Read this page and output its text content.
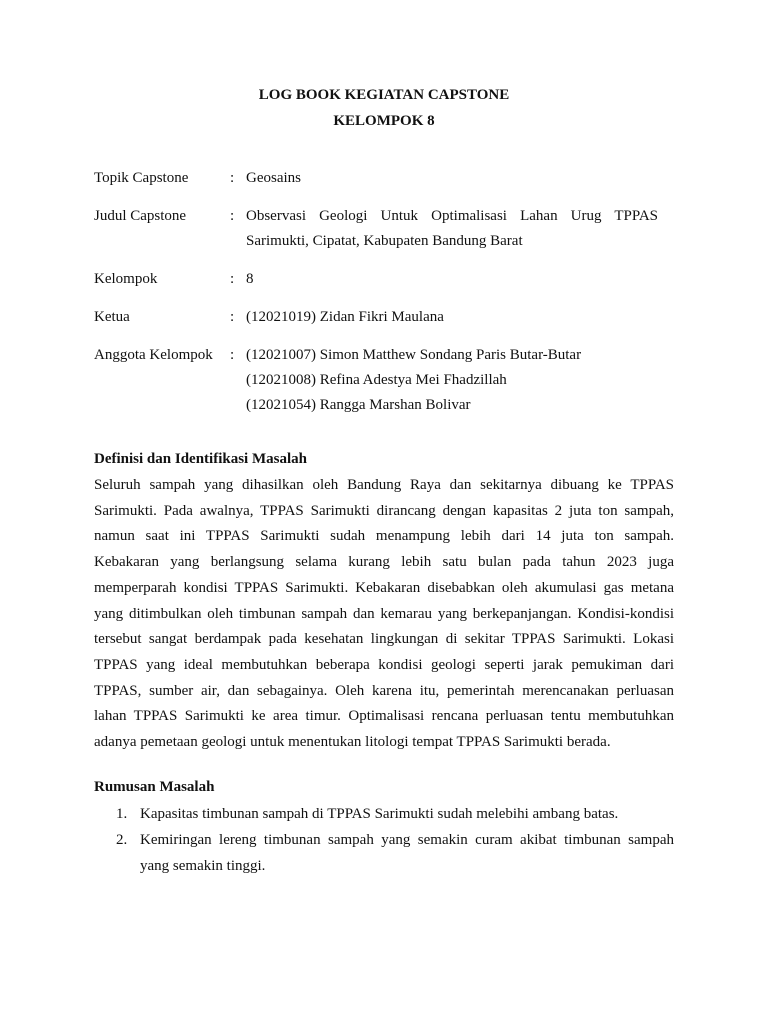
LOG BOOK KEGIATAN CAPSTONE
KELOMPOK 8
Topik Capstone	: Geosains
Judul Capstone	: Observasi Geologi Untuk Optimalisasi Lahan Urug TPPAS
Sarimukti, Cipatat, Kabupaten Bandung Barat
Kelompok	: 8
Ketua	: (12021019) Zidan Fikri Maulana
Anggota Kelompok : (12021007) Simon Matthew Sondang Paris Butar-Butar
(12021008) Refina Adestya Mei Fhadzillah
(12021054) Rangga Marshan Bolivar
Definisi dan Identifikasi Masalah
Seluruh sampah yang dihasilkan oleh Bandung Raya dan sekitarnya dibuang ke TPPAS
Sarimukti. Pada awalnya, TPPAS Sarimukti dirancang dengan kapasitas 2 juta ton sampah,
namun saat ini TPPAS Sarimukti sudah menampung lebih dari 14 juta ton sampah.
Kebakaran yang berlangsung selama kurang lebih satu bulan pada tahun 2023 juga
memperparah kondisi TPPAS Sarimukti. Kebakaran disebabkan oleh akumulasi gas metana
yang ditimbulkan oleh timbunan sampah dan kemarau yang berkepanjangan. Kondisi-kondisi
tersebut sangat berdampak pada kesehatan lingkungan di sekitar TPPAS Sarimukti. Lokasi
TPPAS yang ideal membutuhkan beberapa kondisi geologi seperti jarak pemukiman dari
TPPAS, sumber air, dan sebagainya. Oleh karena itu, pemerintah merencanakan perluasan
lahan TPPAS Sarimukti ke area timur. Optimalisasi rencana perluasan tentu membutuhkan
adanya pemetaan geologi untuk menentukan litologi tempat TPPAS Sarimukti berada.
Rumusan Masalah
1. Kapasitas timbunan sampah di TPPAS Sarimukti sudah melebihi ambang batas.
2. Kemiringan lereng timbunan sampah yang semakin curam akibat timbunan sampah
yang semakin tinggi.
